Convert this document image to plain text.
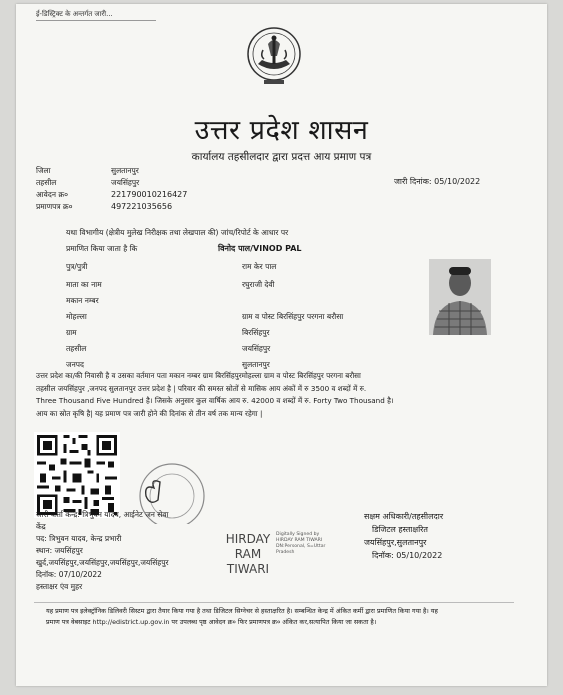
ई-डिस्ट्रिक्ट के अन्तर्गत जारी...
उत्तर प्रदेश शासन
कार्यालय तहसीलदार द्वारा प्रदत्त आय प्रमाण पत्र
जिला	सुलतानपुर
तहसील	जयसिंहपुर
आवेदन क्र०	221790010216427
प्रमाणपत्र क्र०	497221035656
जारी दिनांक: 05/10/2022
यथा विभागीय (क्षेत्रीय मुलेख निरीक्षक तथा लेखपाल की) जांच/रिपोर्ट के आधार पर
प्रमाणित किया जाता है कि	विनोद पाल/VINOD PAL
पुत्र/पुत्री	राम केर पाल
माता का नाम	रघुराजी देवी
मकान नम्बर
मोहल्ला	ग्राम व पोस्ट बिरसिंहपुर परगना बरौसा
ग्राम	बिरसिंहपुर
तहसील	जयसिंहपुर
जनपद	सुलतानपुर
उत्तर प्रदेश का/की निवासी है व उसका वर्तमान पता मकान नम्बर ग्राम बिरसिंहपुरमोहल्ला ग्राम व पोस्ट बिरसिंहपुर परगना बरौसा
तहसील जयसिंहपुर ,जनपद सुलतानपुर उत्तर प्रदेश है | परिवार की समस्त स्रोतों से मासिक आय अंकों में रु 3500 व शब्दों में रु.
Three Thousand Five Hundred है। जिसके अनुसार कुल वार्षिक आय रु. 42000 व शब्दों में रु. Forty Two Thousand है।
आय का स्रोत कृषि है| यह प्रमाण पत्र जारी होने की दिनांक से तीन वर्ष तक मान्य रहेगा |
जारी कर्ता केन्द्र: त्रिभुवन यादव, आईनेट जन सेवा
केंद्र
पद: त्रिभुवन यादव, केन्द्र प्रभारी
स्थान: जयसिंहपुर
खुर्द,जयसिंहपुर,जयसिंहपुर,जयसिंहपुर,जयसिंहपुर
दिनॉक: 07/10/2022
हस्ताक्षर एंव मुहर
HIRDAY
RAM
TIWARI
Digitally Signed by
HIRDAY RAM TIWARI
DN:Personal, S=Uttar
Pradesh
सक्षम अधिकारी/तहसीलदार
डिजिटल हस्ताक्षरित
जयसिंहपुर,सुलतानपुर
दिनॉक: 05/10/2022
यह प्रमाण पत्र इलेक्ट्रॉनिक डिलिवरी सिस्टम द्वारा तैयार किया गया है तथा डिजिटल सिग्नेचर से हस्ताक्षरित है। सम्बन्धित केन्द्र में अंकित कर्मी द्वारा प्रमाणित किया गया है। यह
प्रमाण पत्र वेबसाइट http://edistrict.up.gov.in पर उपलब्ध पृष्ठ आवेदन क्र० फिर प्रमाणपत्र क्र० अंकित कर,सत्यापित किया जा सकता है।
